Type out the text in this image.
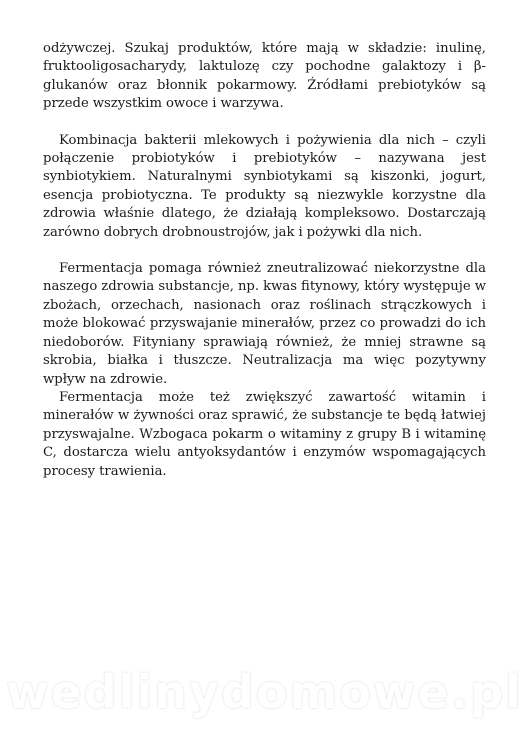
odżywczej. Szukaj produktów, które mają w składzie: inulinę, fruktooligosacharydy, laktulozę czy pochodne galaktozy i β-glukanów oraz błonnik pokarmowy. Źródłami prebiotyków są przede wszystkim owoce i warzywa.

Kombinacja bakterii mlekowych i pożywienia dla nich – czyli połączenie probiotyków i prebiotyków – nazywana jest synbiotykiem. Naturalnymi synbiotykami są kiszonki, jogurt, esencja probiotyczna. Te produkty są niezwykle korzystne dla zdrowia właśnie dlatego, że działają kompleksowo. Dostarczają zarówno dobrych drobnoustrojów, jak i pożywki dla nich.

Fermentacja pomaga również zneutralizować niekorzystne dla naszego zdrowia substancje, np. kwas fitynowy, który występuje w zbożach, orzechach, nasionach oraz roślinach strączkowych i może blokować przyswajanie minerałów, przez co prowadzi do ich niedoborów. Fityniany sprawiają również, że mniej strawne są skrobia, białka i tłuszcze. Neutralizacja ma więc pozytywny wpływ na zdrowie.

Fermentacja może też zwiększyć zawartość witamin i minerałów w żywności oraz sprawić, że substancje te będą łatwiej przyswajalne. Wzbogaca pokarm o witaminy z grupy B i witaminę C, dostarcza wielu antyoksydantów i enzymów wspomagających procesy trawienia.

wedlinydomowe.pl
